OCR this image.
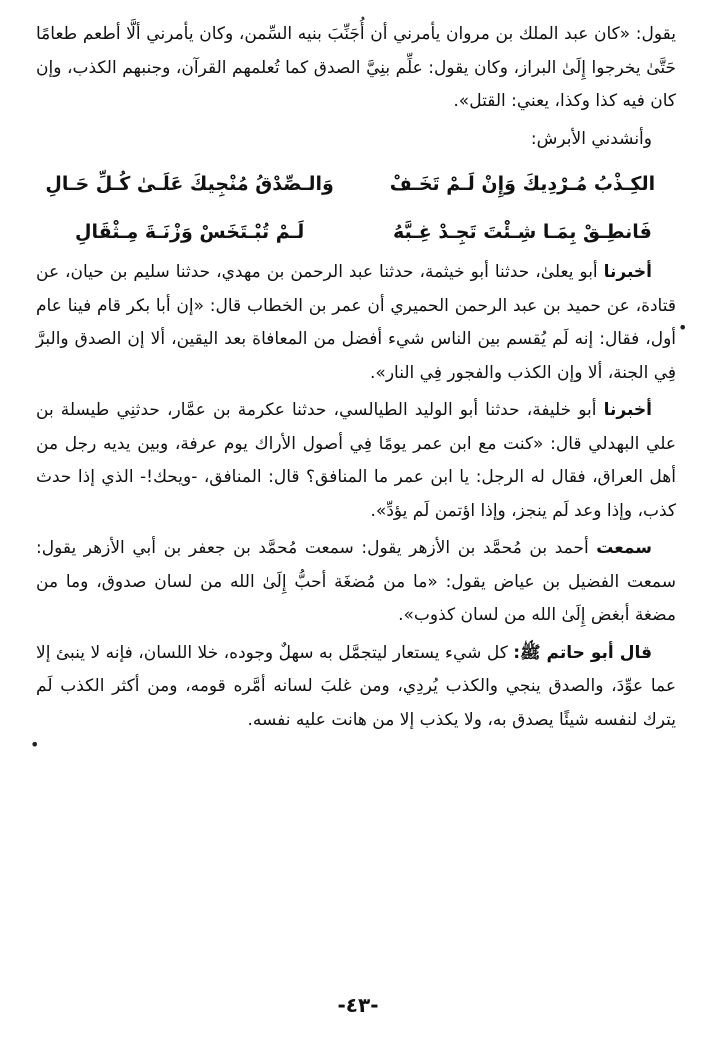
•
•

يقول: «كان عبد الملك بن مروان يأمرني أن أُجَنِّبَ بنيه السِّمن، وكان يأمرني ألَّا أطعم طعامًا حَتَّىٰ يخرجوا إِلَىٰ البراز، وكان يقول: علِّم بنِيَّ الصدق كما تُعلمهم القرآن، وجنبهم الكذب، وإن كان فيه كذا وكذا، يعني: القتل».

وأنشدني الأبرش:

الكِـذْبُ مُـرْدِيكَ وَإِنْ لَـمْ تَخَـفْ
وَالـصِّدْقُ مُنْجِيكَ عَلَـىٰ كُـلِّ حَـالِ
فَانطِـقْ بِمَـا شِـئْتَ تَجِـدْ غِـبَّهُ
لَـمْ تُبْـتَخَسْ وَزْنَـةَ مِـثْقَالِ

أخبرنا أبو يعلىٰ، حدثنا أبو خيثمة، حدثنا عبد الرحمن بن مهدي، حدثنا سليم بن حيان، عن قتادة، عن حميد بن عبد الرحمن الحميري أن عمر بن الخطاب قال: «إن أبا بكر قام فينا عام أول، فقال: إنه لَم يُقسم بين الناس شيء أفضل من المعافاة بعد اليقين، ألا إن الصدق والبرَّ فِي الجنة، ألا وإن الكذب والفجور فِي النار».

أخبرنا أبو خليفة، حدثنا أبو الوليد الطيالسي، حدثنا عكرمة بن عمَّار، حدثنِي طيسلة بن علي البهدلي قال: «كنت مع ابن عمر يومًا فِي أصول الأراك يوم عرفة، وبين يديه رجل من أهل العراق، فقال له الرجل: يا ابن عمر ما المنافق؟ قال: المنافق، -ويحك!- الذي إذا حدث كذب، وإذا وعد لَم ينجز، وإذا اؤتمن لَم يؤدِّ».

سمعت أحمد بن مُحمَّد بن الأزهر يقول: سمعت مُحمَّد بن جعفر بن أبي الأزهر يقول: سمعت الفضيل بن عياض يقول: «ما من مُضغَة أحبُّ إِلَىٰ الله من لسان صدوق، وما من مضغة أبغض إِلَىٰ الله من لسان كذوب».

قال أبو حاتم ﷺ: كل شيء يستعار ليتجمَّل به سهلٌ وجوده، خلا اللسان، فإنه لا ينبئ إلا عما عوِّدَ، والصدق ينجي والكذب يُردِي، ومن غلبَ لسانه أمَّره قومه، ومن أكثر الكذب لَم يترك لنفسه شيئًا يصدق به، ولا يكذب إلا من هانت عليه نفسه.

-٤٣-
